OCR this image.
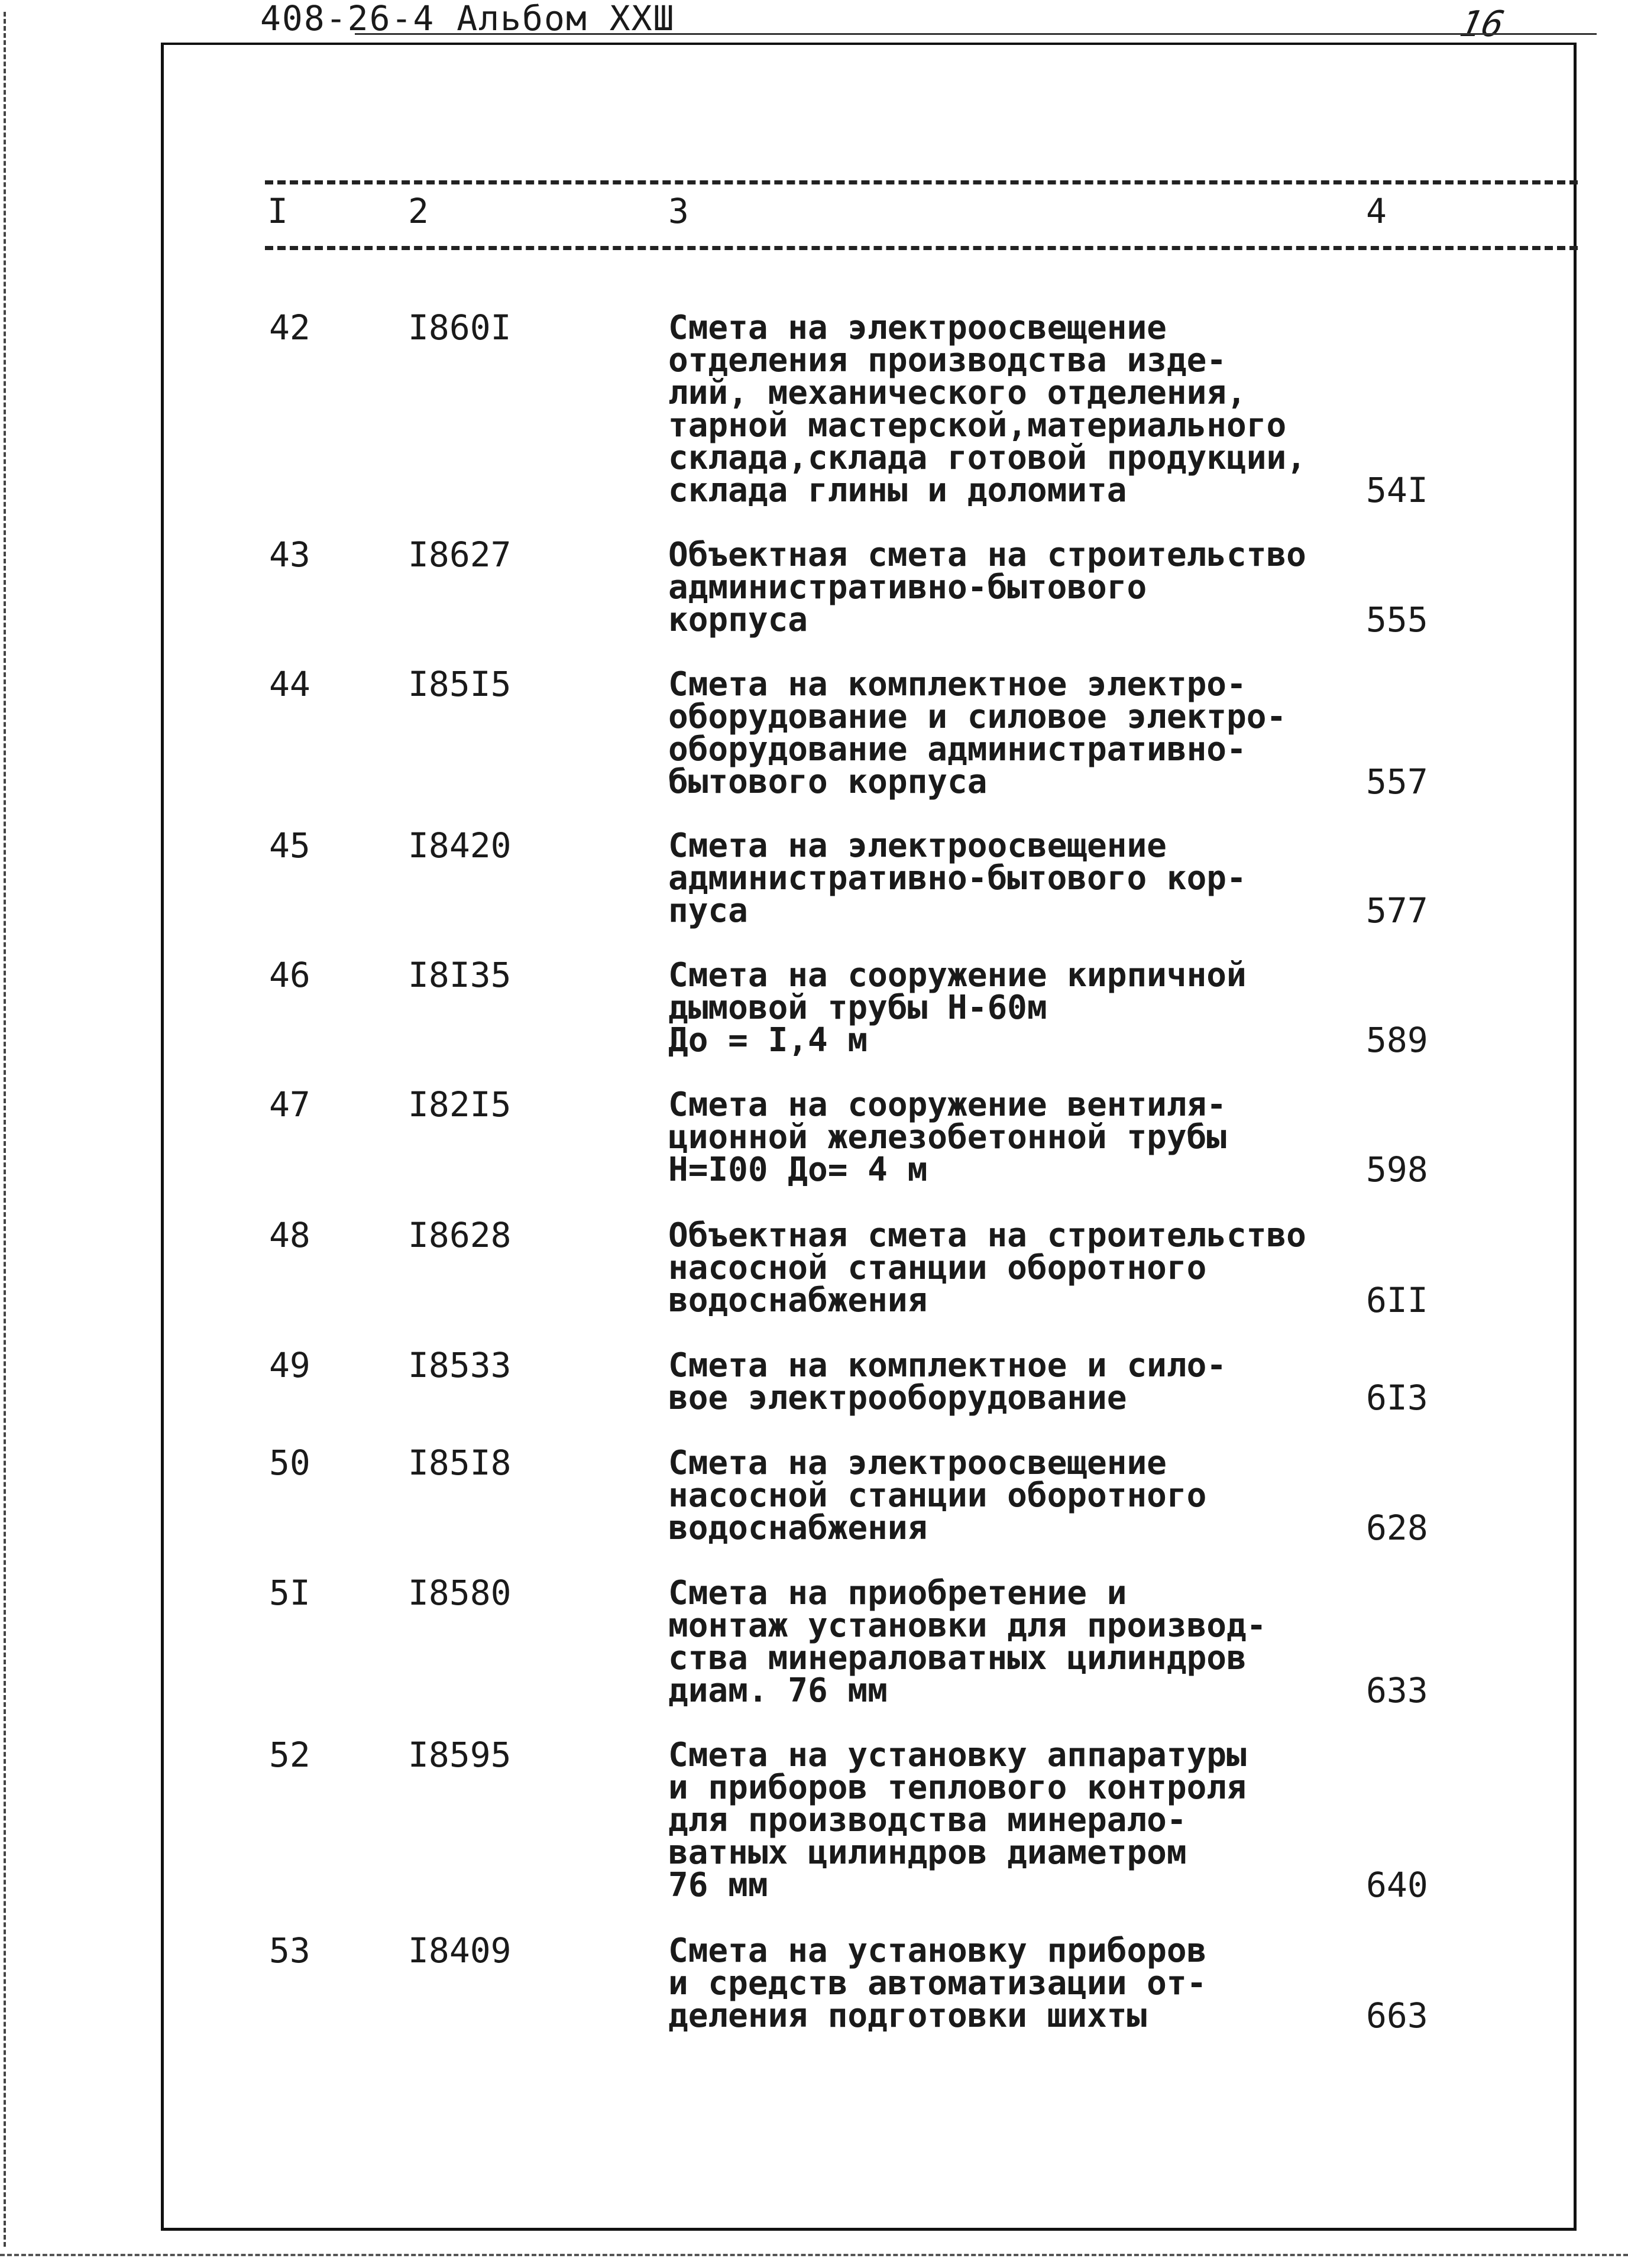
408-26-4 Альбом ХХШ	16
I	2	3	4
42	I860I	Смета на электроосвещение
отделения производства изде-
лий, механического отделения,
тарной мастерской,материального
склада,склада готовой продукции,
склада глины и доломита	54I
43	I8627	Объектная смета на строительство
административно-бытового
корпуса	555
44	I85I5	Смета на комплектное электро-
оборудование и силовое электро-
оборудование административно-
бытового корпуса	557
45	I8420	Смета на электроосвещение
административно-бытового кор-
пуса	577
46	I8I35	Смета на сооружение кирпичной
дымовой трубы Н-60м
До = I,4 м	589
47	I82I5	Смета на сооружение вентиля-
ционной железобетонной трубы
Н=I00 До= 4 м	598
48	I8628	Объектная смета на строительство
насосной станции оборотного
водоснабжения	6II
49	I8533	Смета на комплектное и сило-
вое электрооборудование	6I3
50	I85I8	Смета на электроосвещение
насосной станции оборотного
водоснабжения	628
5I	I8580	Смета на приобретение и
монтаж установки для производ-
ства минераловатных цилиндров
диам. 76 мм	633
52	I8595	Смета на установку аппаратуры
и приборов теплового контроля
для производства минерало-
ватных цилиндров диаметром
76 мм	640
53	I8409	Смета на установку приборов
и средств автоматизации от-
деления подготовки шихты	663
